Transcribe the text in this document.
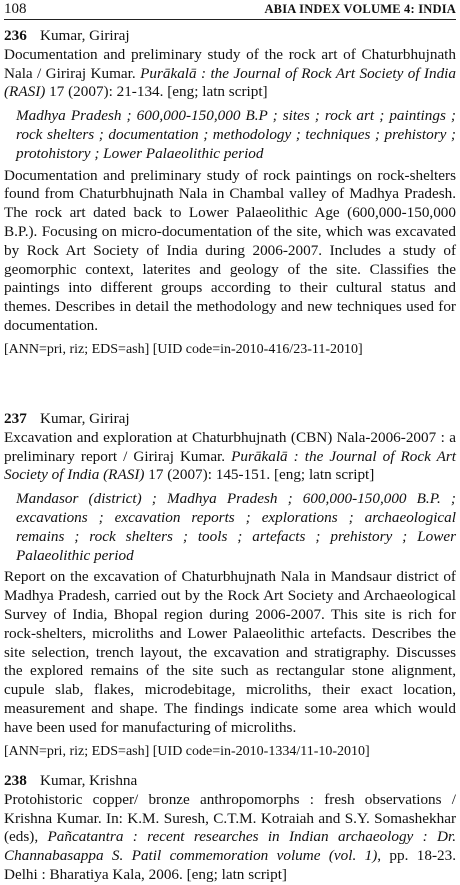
108	ABIA INDEX VOLUME 4: INDIA

236 Kumar, Giriraj

Documentation and preliminary study of the rock art of Chaturbhujnath Nala / Giriraj Kumar. Purākalā : the Journal of Rock Art Society of India (RASI) 17 (2007): 21-134. [eng; latn script]

Madhya Pradesh ; 600,000-150,000 B.P ; sites ; rock art ; paintings ; rock shelters ; documentation ; methodology ; techniques ; prehistory ; protohistory ; Lower Palaeolithic period

Documentation and preliminary study of rock paintings on rock-shelters found from Chaturbhujnath Nala in Chambal valley of Madhya Pradesh. The rock art dated back to Lower Palaeolithic Age (600,000-150,000 B.P.). Focusing on micro-documentation of the site, which was excavated by Rock Art Society of India during 2006-2007. Includes a study of geomorphic context, laterites and geology of the site. Classifies the paintings into different groups according to their cultural status and themes. Describes in detail the methodology and new techniques used for documentation.

[ANN=pri, riz; EDS=ash] [UID code=in-2010-416/23-11-2010]

237 Kumar, Giriraj

Excavation and exploration at Chaturbhujnath (CBN) Nala-2006-2007 : a preliminary report / Giriraj Kumar. Purākalā : the Journal of Rock Art Society of India (RASI) 17 (2007): 145-151. [eng; latn script]

Mandasor (district) ; Madhya Pradesh ; 600,000-150,000 B.P. ; excavations ; excavation reports ; explorations ; archaeological remains ; rock shelters ; tools ; artefacts ; prehistory ; Lower Palaeolithic period

Report on the excavation of Chaturbhujnath Nala in Mandsaur district of Madhya Pradesh, carried out by the Rock Art Society and Archaeological Survey of India, Bhopal region during 2006-2007. This site is rich for rock-shelters, microliths and Lower Palaeolithic artefacts. Describes the site selection, trench layout, the excavation and stratigraphy. Discusses the explored remains of the site such as rectangular stone alignment, cupule slab, flakes, microdebitage, microliths, their exact location, measurement and shape. The findings indicate some area which would have been used for manufacturing of microliths.

[ANN=pri, riz; EDS=ash] [UID code=in-2010-1334/11-10-2010]

238 Kumar, Krishna

Protohistoric copper/ bronze anthropomorphs : fresh observations / Krishna Kumar. In: K.M. Suresh, C.T.M. Kotraiah and S.Y. Somashekhar (eds), Pañcatantra : recent researches in Indian archaeology : Dr. Channabasappa S. Patil commemoration volume (vol. 1), pp. 18-23. Delhi : Bharatiya Kala, 2006. [eng; latn script]
